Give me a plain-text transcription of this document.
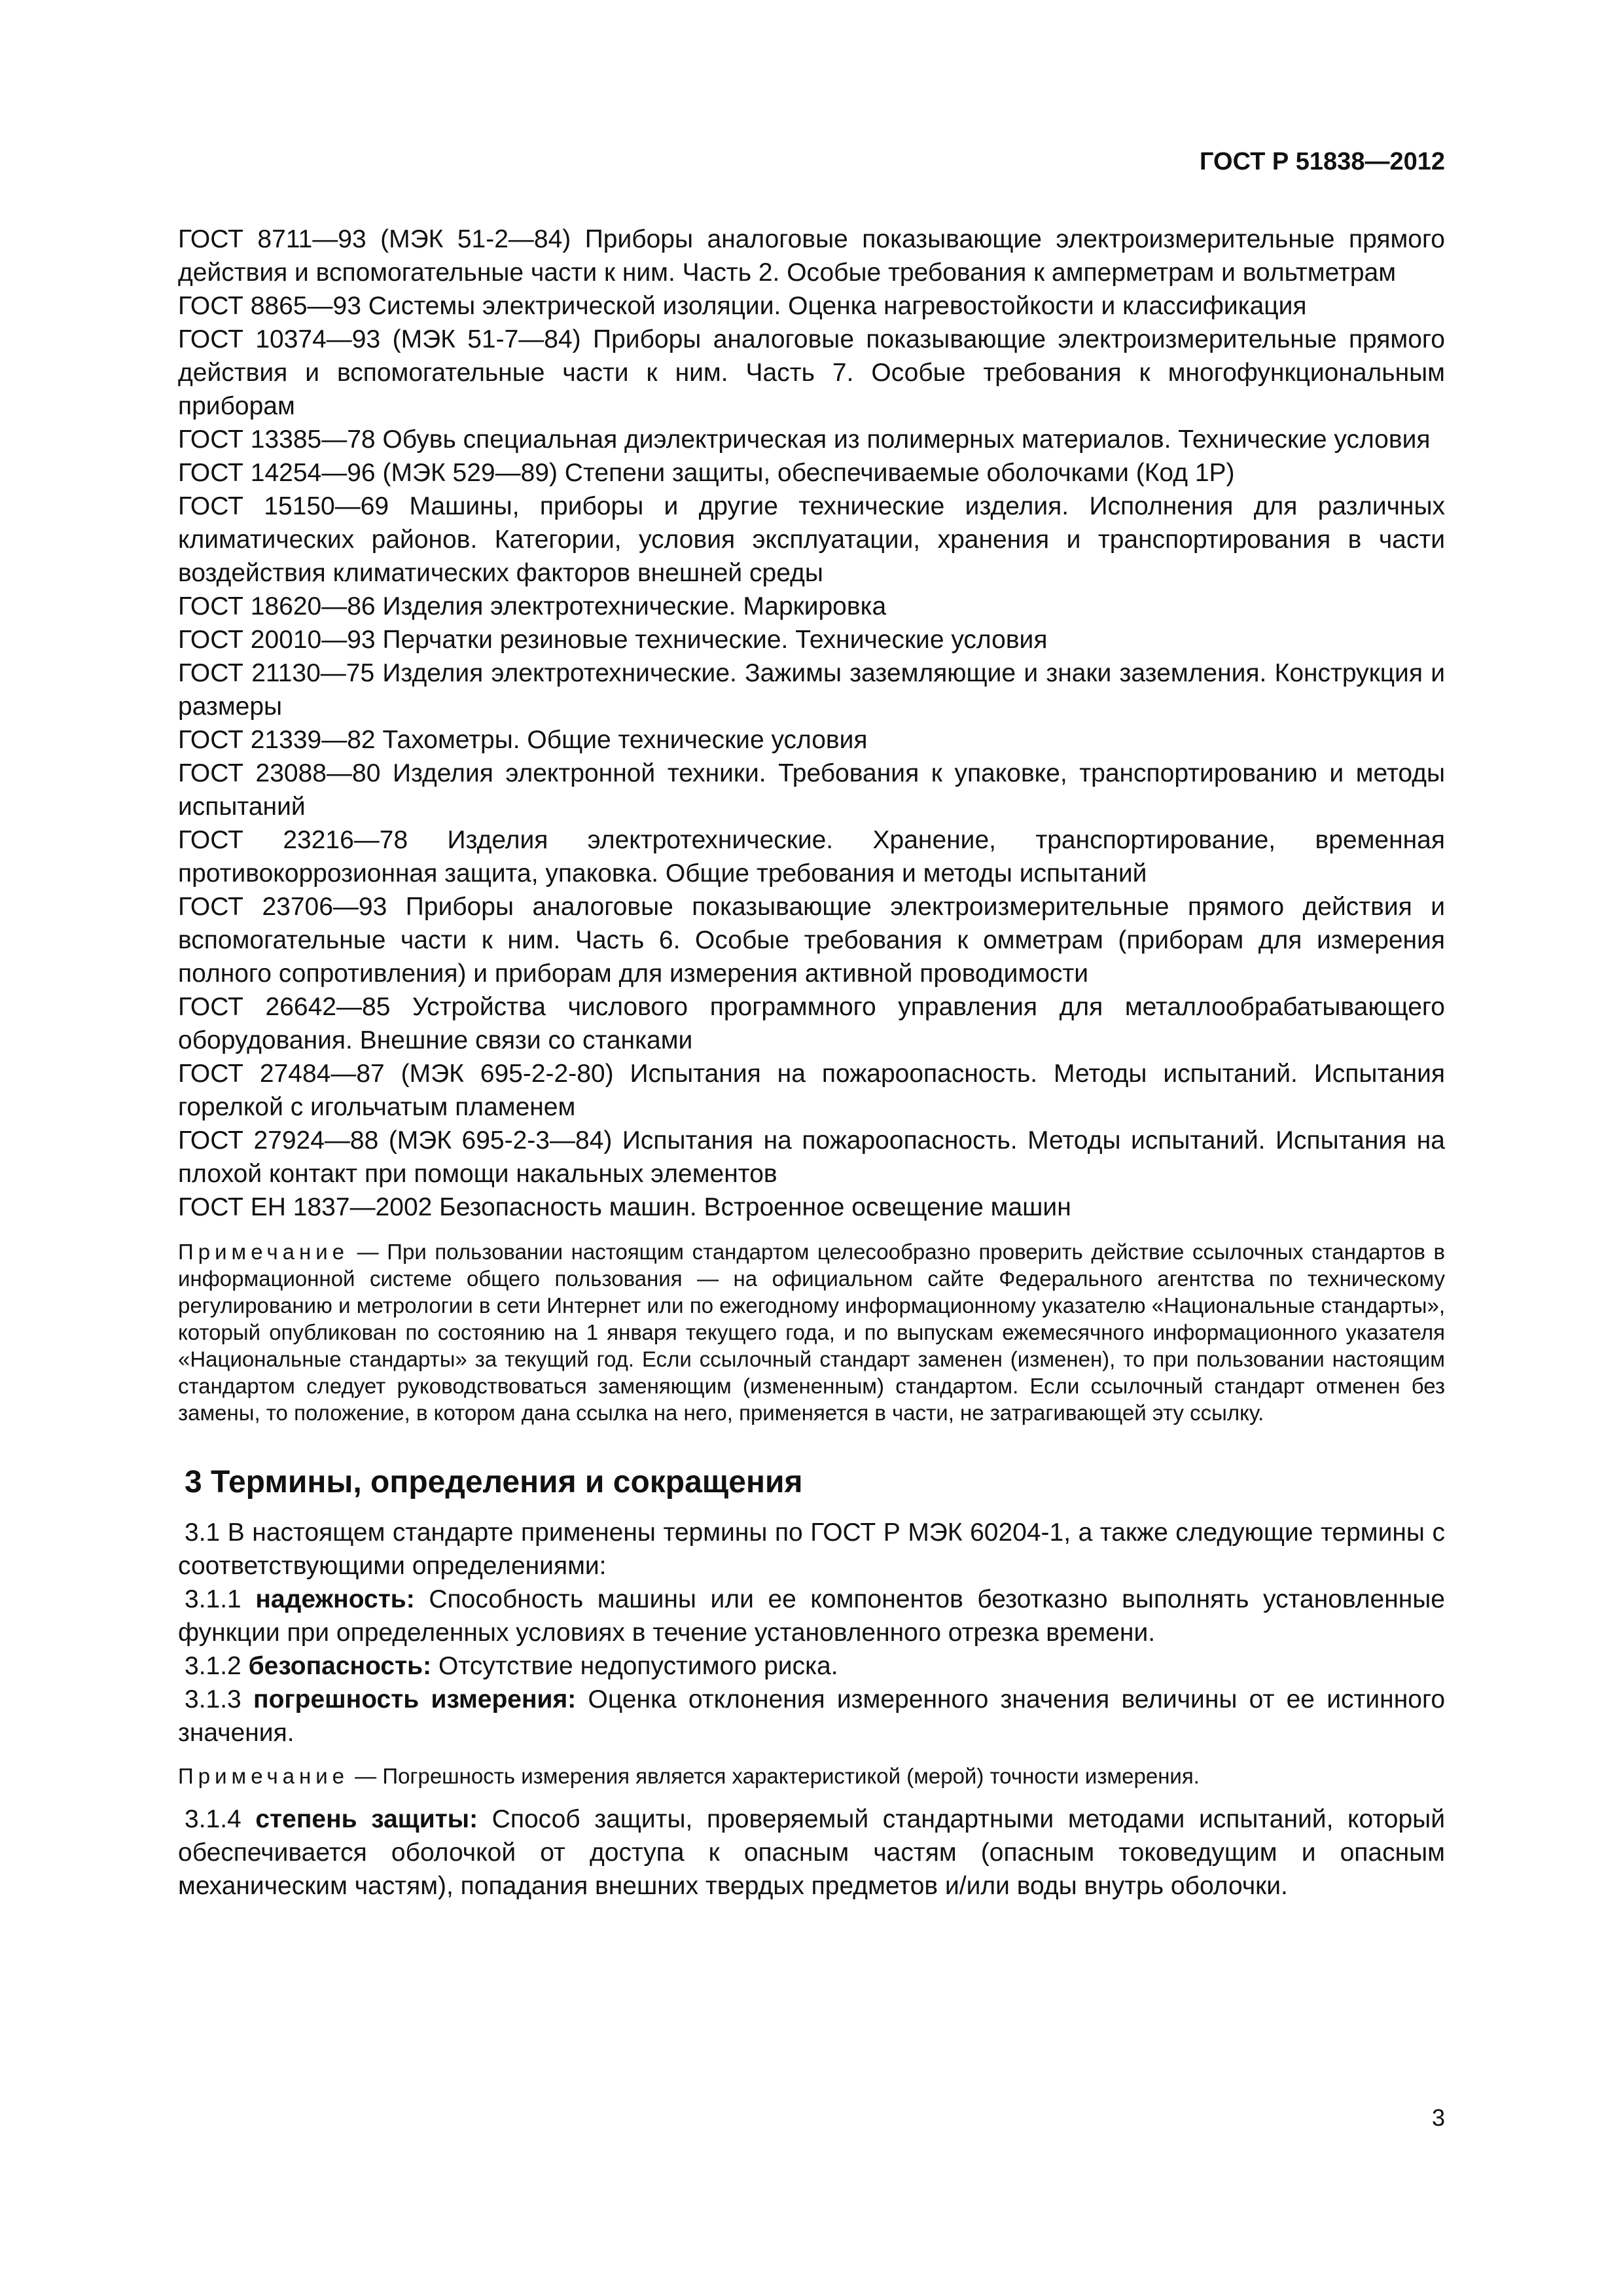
ГОСТ Р 51838—2012

ГОСТ 8711—93 (МЭК 51-2—84) Приборы аналоговые показывающие электроизмерительные прямого действия и вспомогательные части к ним. Часть 2. Особые требования к амперметрам и вольтметрам

ГОСТ 8865—93 Системы электрической изоляции. Оценка нагревостойкости и классификация

ГОСТ 10374—93 (МЭК 51-7—84) Приборы аналоговые показывающие электроизмерительные прямого действия и вспомогательные части к ним. Часть 7. Особые требования к многофункциональным приборам

ГОСТ 13385—78 Обувь специальная диэлектрическая из полимерных материалов. Технические условия

ГОСТ 14254—96 (МЭК 529—89) Степени защиты, обеспечиваемые оболочками (Код 1Р)

ГОСТ 15150—69 Машины, приборы и другие технические изделия. Исполнения для различных климатических районов. Категории, условия эксплуатации, хранения и транспортирования в части воздействия климатических факторов внешней среды

ГОСТ 18620—86 Изделия электротехнические. Маркировка

ГОСТ 20010—93 Перчатки резиновые технические. Технические условия

ГОСТ 21130—75 Изделия электротехнические. Зажимы заземляющие и знаки заземления. Конструкция и размеры

ГОСТ 21339—82 Тахометры. Общие технические условия

ГОСТ 23088—80 Изделия электронной техники. Требования к упаковке, транспортированию и методы испытаний

ГОСТ 23216—78 Изделия электротехнические. Хранение, транспортирование, временная противокоррозионная защита, упаковка. Общие требования и методы испытаний

ГОСТ 23706—93 Приборы аналоговые показывающие электроизмерительные прямого действия и вспомогательные части к ним. Часть 6. Особые требования к омметрам (приборам для измерения полного сопротивления) и приборам для измерения активной проводимости

ГОСТ 26642—85 Устройства числового программного управления для металлообрабатывающего оборудования. Внешние связи со станками

ГОСТ 27484—87 (МЭК 695-2-2-80) Испытания на пожароопасность. Методы испытаний. Испытания горелкой с игольчатым пламенем

ГОСТ 27924—88 (МЭК 695-2-3—84) Испытания на пожароопасность. Методы испытаний. Испытания на плохой контакт при помощи накальных элементов

ГОСТ ЕН 1837—2002 Безопасность машин. Встроенное освещение машин

Примечание — При пользовании настоящим стандартом целесообразно проверить действие ссылочных стандартов в информационной системе общего пользования — на официальном сайте Федерального агентства по техническому регулированию и метрологии в сети Интернет или по ежегодному информационному указателю «Национальные стандарты», который опубликован по состоянию на 1 января текущего года, и по выпускам ежемесячного информационного указателя «Национальные стандарты» за текущий год. Если ссылочный стандарт заменен (изменен), то при пользовании настоящим стандартом следует руководствоваться заменяющим (измененным) стандартом. Если ссылочный стандарт отменен без замены, то положение, в котором дана ссылка на него, применяется в части, не затрагивающей эту ссылку.

3 Термины, определения и сокращения

3.1 В настоящем стандарте применены термины по ГОСТ Р МЭК 60204-1, а также следующие термины с соответствующими определениями:

3.1.1 надежность: Способность машины или ее компонентов безотказно выполнять установленные функции при определенных условиях в течение установленного отрезка времени.

3.1.2 безопасность: Отсутствие недопустимого риска.

3.1.3 погрешность измерения: Оценка отклонения измеренного значения величины от ее истинного значения.

Примечание — Погрешность измерения является характеристикой (мерой) точности измерения.

3.1.4 степень защиты: Способ защиты, проверяемый стандартными методами испытаний, который обеспечивается оболочкой от доступа к опасным частям (опасным токоведущим и опасным механическим частям), попадания внешних твердых предметов и/или воды внутрь оболочки.

3
